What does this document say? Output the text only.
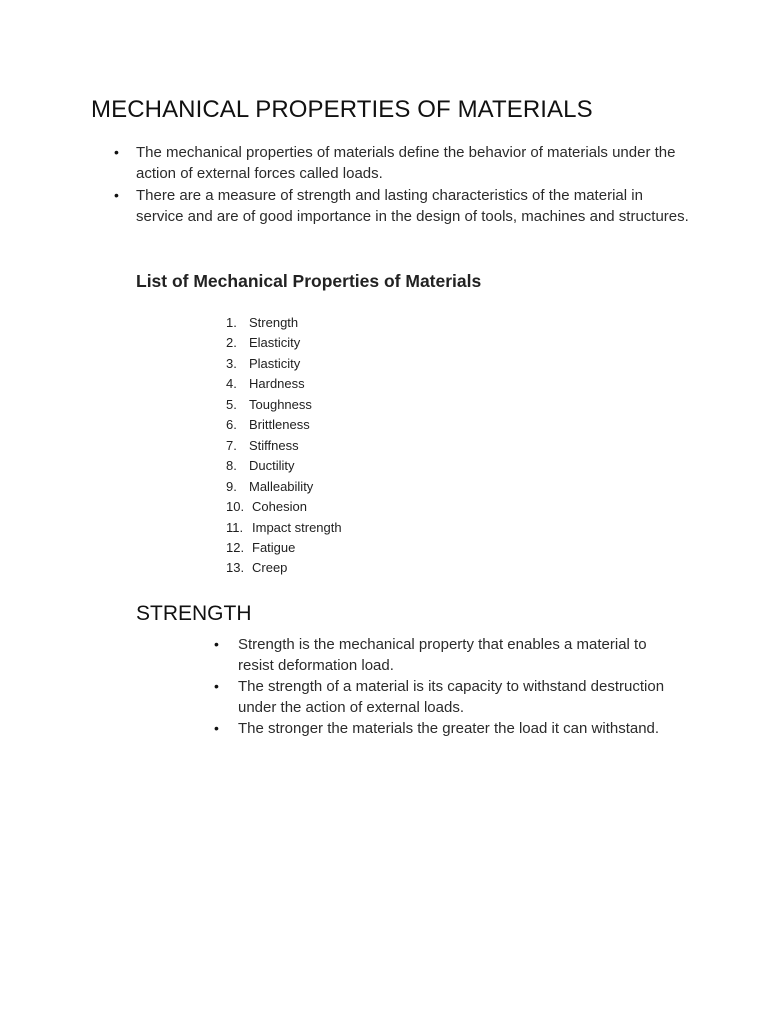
MECHANICAL PROPERTIES OF MATERIALS
• The mechanical properties of materials define the behavior of materials under the action of external forces called loads.
• There are a measure of strength and lasting characteristics of the material in service and are of good importance in the design of tools, machines and structures.
List of Mechanical Properties of Materials
1. Strength
2. Elasticity
3. Plasticity
4. Hardness
5. Toughness
6. Brittleness
7. Stiffness
8. Ductility
9. Malleability
10. Cohesion
11. Impact strength
12. Fatigue
13. Creep
STRENGTH
• Strength is the mechanical property that enables a material to resist deformation load.
• The strength of a material is its capacity to withstand destruction under the action of external loads.
• The stronger the materials the greater the load it can withstand.
